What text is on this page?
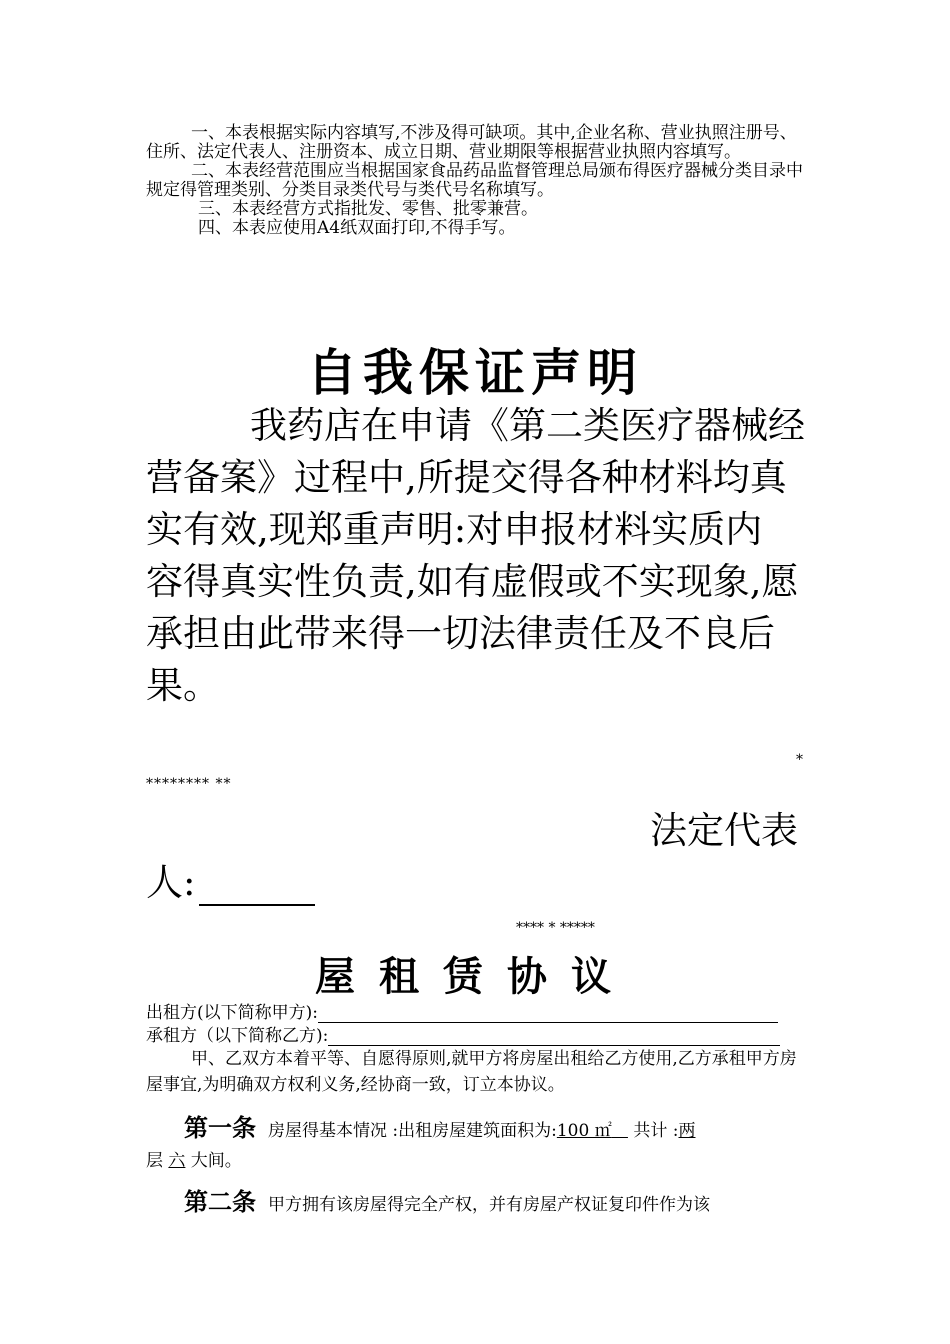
一、本表根据实际内容填写,不涉及得可缺项。其中,企业名称、营业执照注册号、住所、法定代表人、注册资本、成立日期、营业期限等根据营业执照内容填写。

二、本表经营范围应当根据国家食品药品监督管理总局颁布得医疗器械分类目录中规定得管理类别、分类目录类代号与类代号名称填写。

三、本表经营方式指批发、零售、批零兼营。

四、本表应使用A4纸双面打印,不得手写。

自我保证声明

我药店在申请《第二类医疗器械经营备案》过程中,所提交得各种材料均真实有效,现郑重声明:对申报材料实质内

容得真实性负责,如有虚假或不实现象,愿承担由此带来得一切法律责任及不良后果。

*
******** **
法定代表
人:
**** * *****
屋租赁协议
出租方(以下简称甲方):
承租方（以下简称乙方):

甲、乙双方本着平等、自愿得原则,就甲方将房屋出租给乙方使用,乙方承租甲方房屋事宜,为明确双方权利义务,经协商一致，订立本协议。

第一条 房屋得基本情况 :出租房屋建筑面积为:100 ㎡    共计 :两
层 六 大间。
第二条 甲方拥有该房屋得完全产权，并有房屋产权证复印件作为该
